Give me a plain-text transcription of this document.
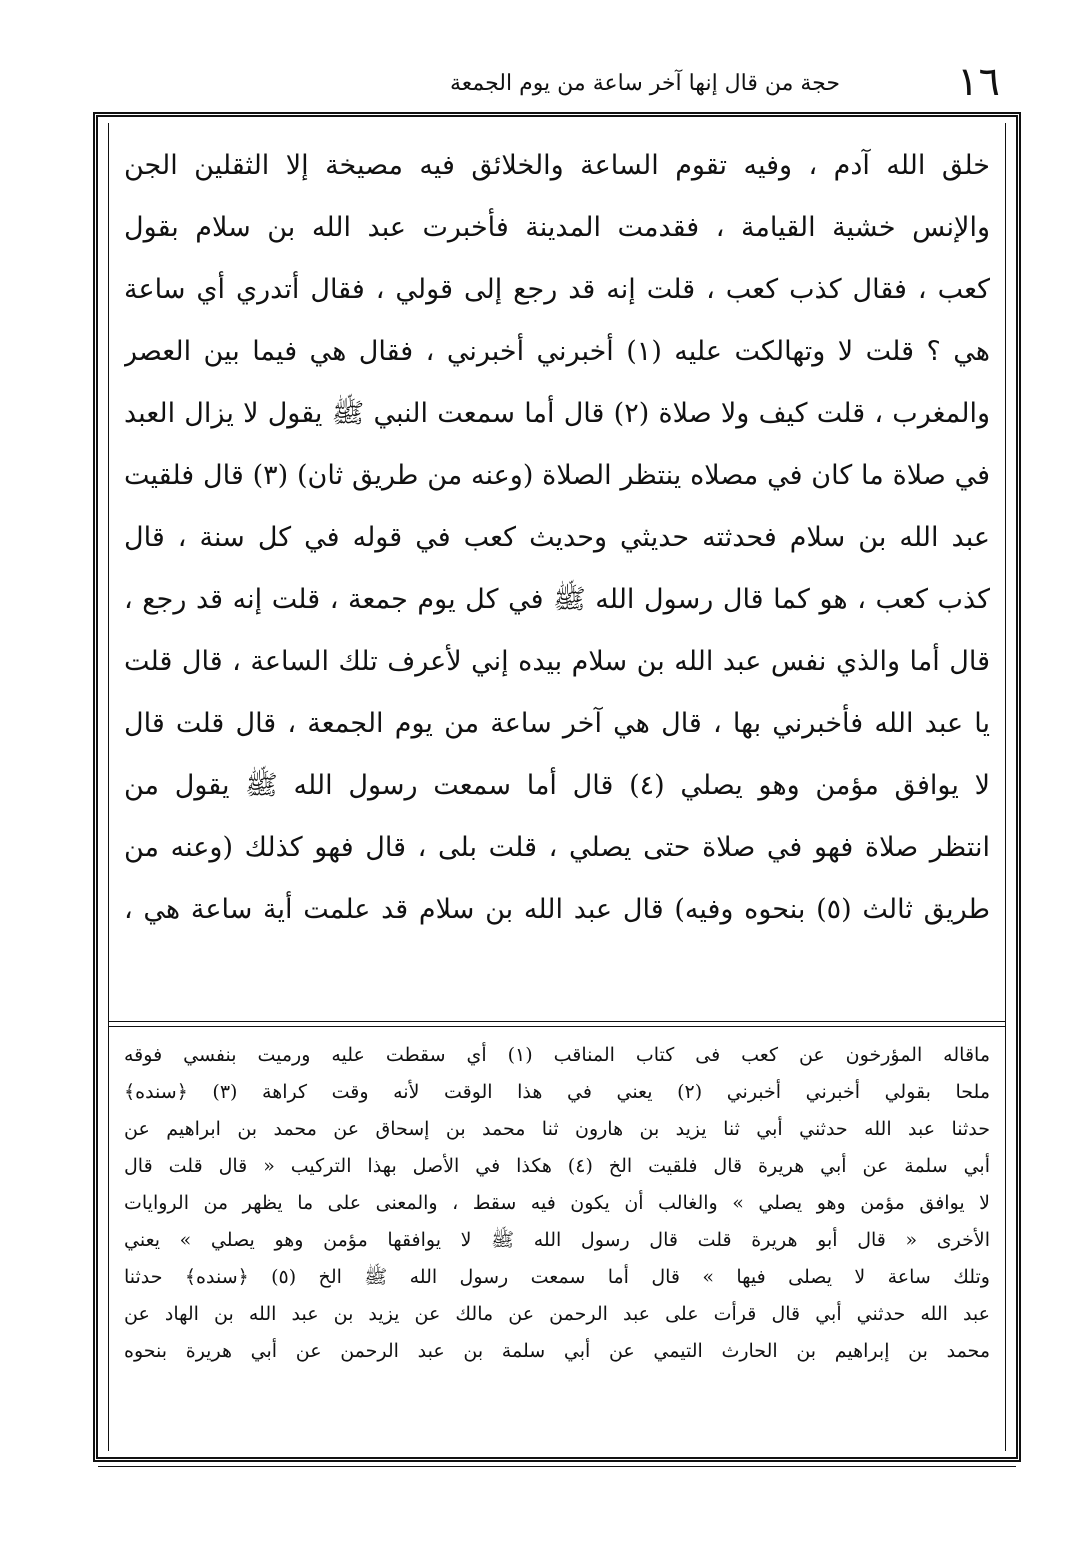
١٦
حجة من قال إنها آخر ساعة من يوم الجمعة
خلق الله آدم ، وفيه تقوم الساعة والخلائق فيه مصيخة إلا الثقلين الجن
والإنس خشية القيامة ، فقدمت المدينة فأخبرت عبد الله بن سلام بقول
كعب ، فقال كذب كعب ، قلت إنه قد رجع إلى قولي ، فقال أتدري أي ساعة
هي ؟ قلت لا وتهالكت عليه (١) أخبرني أخبرني ، فقال هي فيما بين العصر
والمغرب ، قلت كيف ولا صلاة (٢) قال أما سمعت النبي ﷺ يقول لا يزال العبد
في صلاة ما كان في مصلاه ينتظر الصلاة (وعنه من طريق ثان) (٣) قال فلقيت
عبد الله بن سلام فحدثته حديثي وحديث كعب في قوله في كل سنة ، قال
كذب كعب ، هو كما قال رسول الله ﷺ في كل يوم جمعة ، قلت إنه قد رجع ،
قال أما والذي نفس عبد الله بن سلام بيده إني لأعرف تلك الساعة ، قال قلت
يا عبد الله فأخبرني بها ، قال هي آخر ساعة من يوم الجمعة ، قال قلت قال
لا يوافق مؤمن وهو يصلي (٤) قال أما سمعت رسول الله ﷺ يقول من
انتظر صلاة فهو في صلاة حتى يصلي ، قلت بلى ، قال فهو كذلك (وعنه من
طريق ثالث (٥) بنحوه وفيه) قال عبد الله بن سلام قد علمت أية ساعة هي ،
ماقاله المؤرخون عن كعب فى كتاب المناقب (١) أي سقطت عليه ورميت بنفسي فوقه
ملحا بقولي أخبرني أخبرني (٢) يعني في هذا الوقت لأنه وقت كراهة (٣) ﴿سنده﴾
حدثنا عبد الله حدثني أبي ثنا يزيد بن هارون ثنا محمد بن إسحاق عن محمد بن ابراهيم عن
أبي سلمة عن أبي هريرة قال فلقيت الخ (٤) هكذا في الأصل بهذا التركيب « قال قلت قال
لا يوافق مؤمن وهو يصلي » والغالب أن يكون فيه سقط ، والمعنى على ما يظهر من الروايات
الأخرى « قال أبو هريرة قلت قال رسول الله ﷺ لا يوافقها مؤمن وهو يصلي » يعني
وتلك ساعة لا يصلى فيها » قال أما سمعت رسول الله ﷺ الخ (٥) ﴿سنده﴾ حدثنا
عبد الله حدثني أبي قال قرأت على عبد الرحمن عن مالك عن يزيد بن عبد الله بن الهاد عن
محمد بن إبراهيم بن الحارث التيمي عن أبي سلمة بن عبد الرحمن عن أبي هريرة بنحوه
